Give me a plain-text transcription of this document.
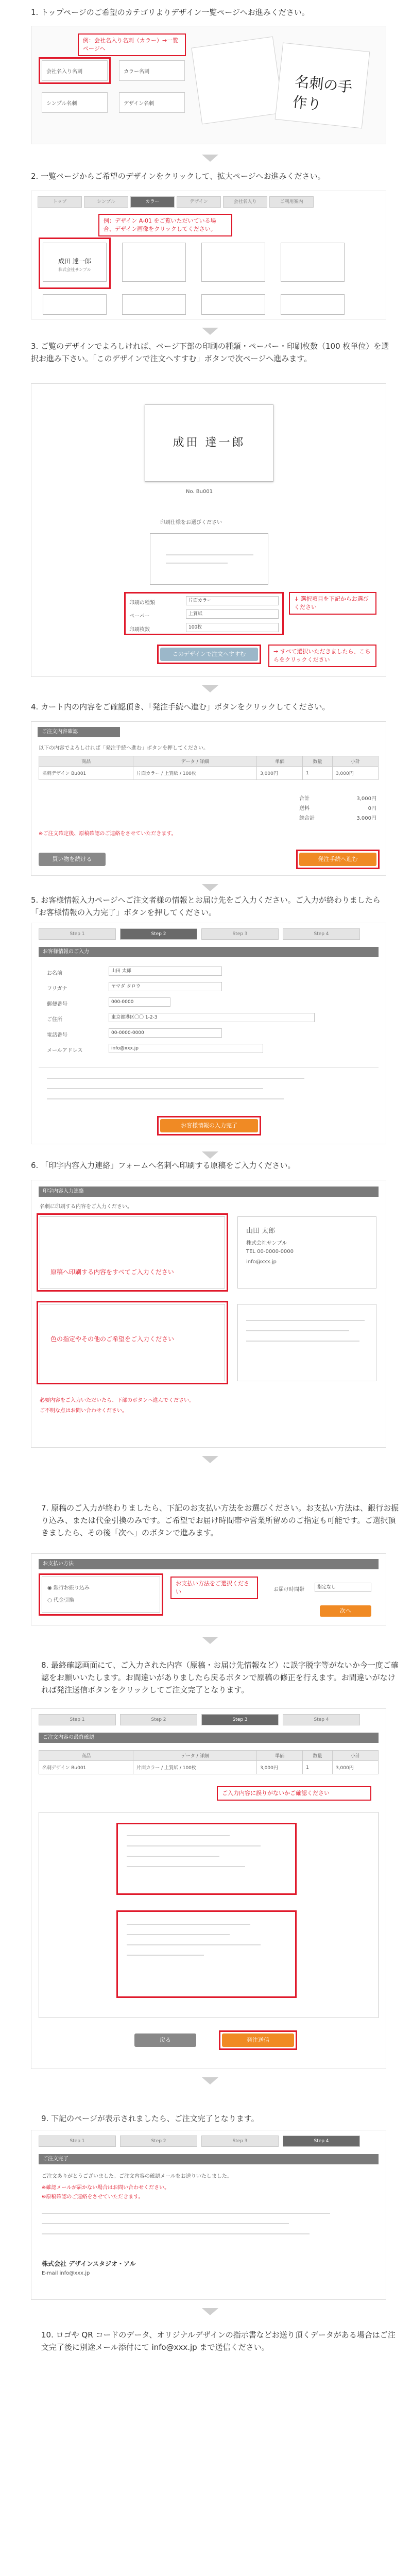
1. トップページのご希望のカテゴリよりデザイン一覧ページへお進みください。
例：会社名入り名刺（カラー）→一覧ページへ
会社名入り名刺
シンプル名刺
カラー名刺
デザイン名刺
名刺の手作り
2. 一覧ページからご希望のデザインをクリックして、拡大ページへお進みください。
トップ	シンプル	カラー	デザイン	会社名入り	ご利用案内
例：デザイン A-01 をご覧いただいている場合、デザイン画像をクリックしてください。
成田 達一郎
株式会社サンプル
3. ご覧のデザインでよろしければ、ページ下部の印刷の種類・ペーパー・印刷枚数（100 枚単位）を選択お進み下さい。「このデザインで注文へすすむ」ボタンで次ページへ進みます。
成田 達一郎
No. Bu001
印刷仕様をお選びください
印刷の種類	片面カラー
ペーパー	上質紙
印刷枚数	100枚
↓ 選択項目を下記からお選びください
このデザインで注文へすすむ	→ すべて選択いただきましたら、こちらをクリックください
4. カート内の内容をご確認頂き、「発注手続へ進む」ボタンをクリックしてください。
ご注文内容確認
以下の内容でよろしければ「発注手続へ進む」ボタンを押してください。
商品	データ / 詳細	単価	数量	小計
名刺デザイン Bu001	片面カラー / 上質紙 / 100枚	3,000円	1	3,000円
合計	3,000円
送料	0円
総合計	3,000円
※ご注文確定後、原稿確認のご連絡をさせていただきます。
買い物を続ける	発注手続へ進む
5. お客様情報入力ページへご注文者様の情報とお届け先をご入力ください。ご入力が終わりましたら「お客様情報の入力完了」ボタンを押してください。
Step 1	Step 2	Step 3	Step 4
お客様情報のご入力
お名前	山田 太郎
フリガナ	ヤマダ タロウ
郵便番号	000-0000
ご住所	東京都港区〇〇 1-2-3
電話番号	00-0000-0000
メールアドレス	info@xxx.jp
お客様情報の入力完了
6. 「印字内容入力連絡」フォームへ名刺へ印刷する原稿をご入力ください。
印字内容入力連絡
名刺に印刷する内容をご入力ください。
原稿へ印刷する内容をすべてご入力ください
山田 太郎
株式会社サンプル
TEL 00-0000-0000
info@xxx.jp
色の指定やその他のご希望をご入力ください
必要内容をご入力いただいたら、下部のボタンへ進んでください。
ご不明な点はお問い合わせください。
7. 原稿のご入力が終わりましたら、下記のお支払い方法をお選びください。お支払い方法は、銀行お振り込み、または代金引換のみです。ご希望でお届け時間帯や営業所留めのご指定も可能です。ご選択頂きましたら、その後「次へ」のボタンで進みます。
お支払い方法
◉ 銀行お振り込み
○ 代金引換
お支払い方法をご選択ください	お届け時間帯	指定なし
次へ
8. 最終確認画面にて、ご入力された内容（原稿・お届け先情報など）に誤字脱字等がないか今一度ご確認をお願いいたします。お間違いがありましたら戻るボタンで原稿の修正を行えます。お間違いがなければ発注送信ボタンをクリックしてご注文完了となります。
Step 1	Step 2	Step 3	Step 4
ご注文内容の最終確認
商品	データ / 詳細	単価	数量	小計
名刺デザイン Bu001	片面カラー / 上質紙 / 100枚	3,000円	1	3,000円
ご入力内容に誤りがないかご確認ください
戻る	発注送信
9. 下記のページが表示されましたら、ご注文完了となります。
Step 1	Step 2	Step 3	Step 4
ご注文完了
ご注文ありがとうございました。ご注文内容の確認メールをお送りいたしました。
※確認メールが届かない場合はお問い合わせください。
※原稿確認のご連絡をさせていただきます。
株式会社 デザインスタジオ・アル
E-mail info@xxx.jp
10. ロゴや QR コードのデータ、オリジナルデザインの指示書などお送り頂くデータがある場合はご注文完了後に別途メール添付にて info@xxx.jp まで送信ください。
